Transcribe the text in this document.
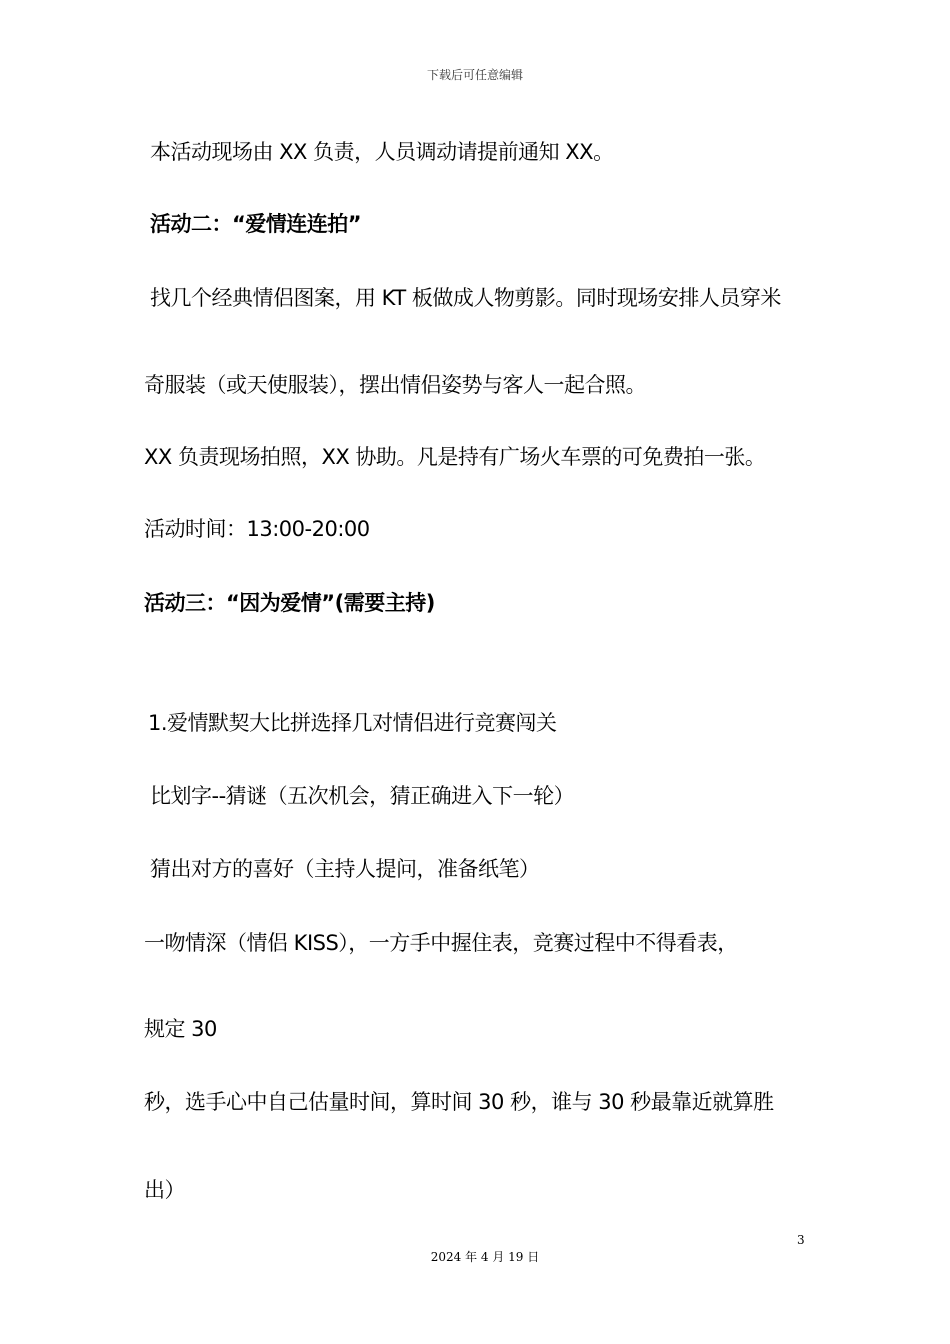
下载后可任意编辑
本活动现场由 XX 负责，人员调动请提前通知 XX。
活动二：“爱情连连拍”
找几个经典情侣图案，用 KT 板做成人物剪影。同时现场安排人员穿米
奇服装（或天使服装），摆出情侣姿势与客人一起合照。
XX 负责现场拍照，XX 协助。凡是持有广场火车票的可免费拍一张。
活动时间：13:00-20:00
活动三：“因为爱情”(需要主持)
1.爱情默契大比拼选择几对情侣进行竞赛闯关
比划字--猜谜（五次机会，猜正确进入下一轮）
猜出对方的喜好（主持人提问，准备纸笔）
一吻情深（情侣 KISS），一方手中握住表，竞赛过程中不得看表，
规定 30
秒，选手心中自己估量时间，算时间 30 秒，谁与 30 秒最靠近就算胜
出）
3
2024 年 4 月 19 日
